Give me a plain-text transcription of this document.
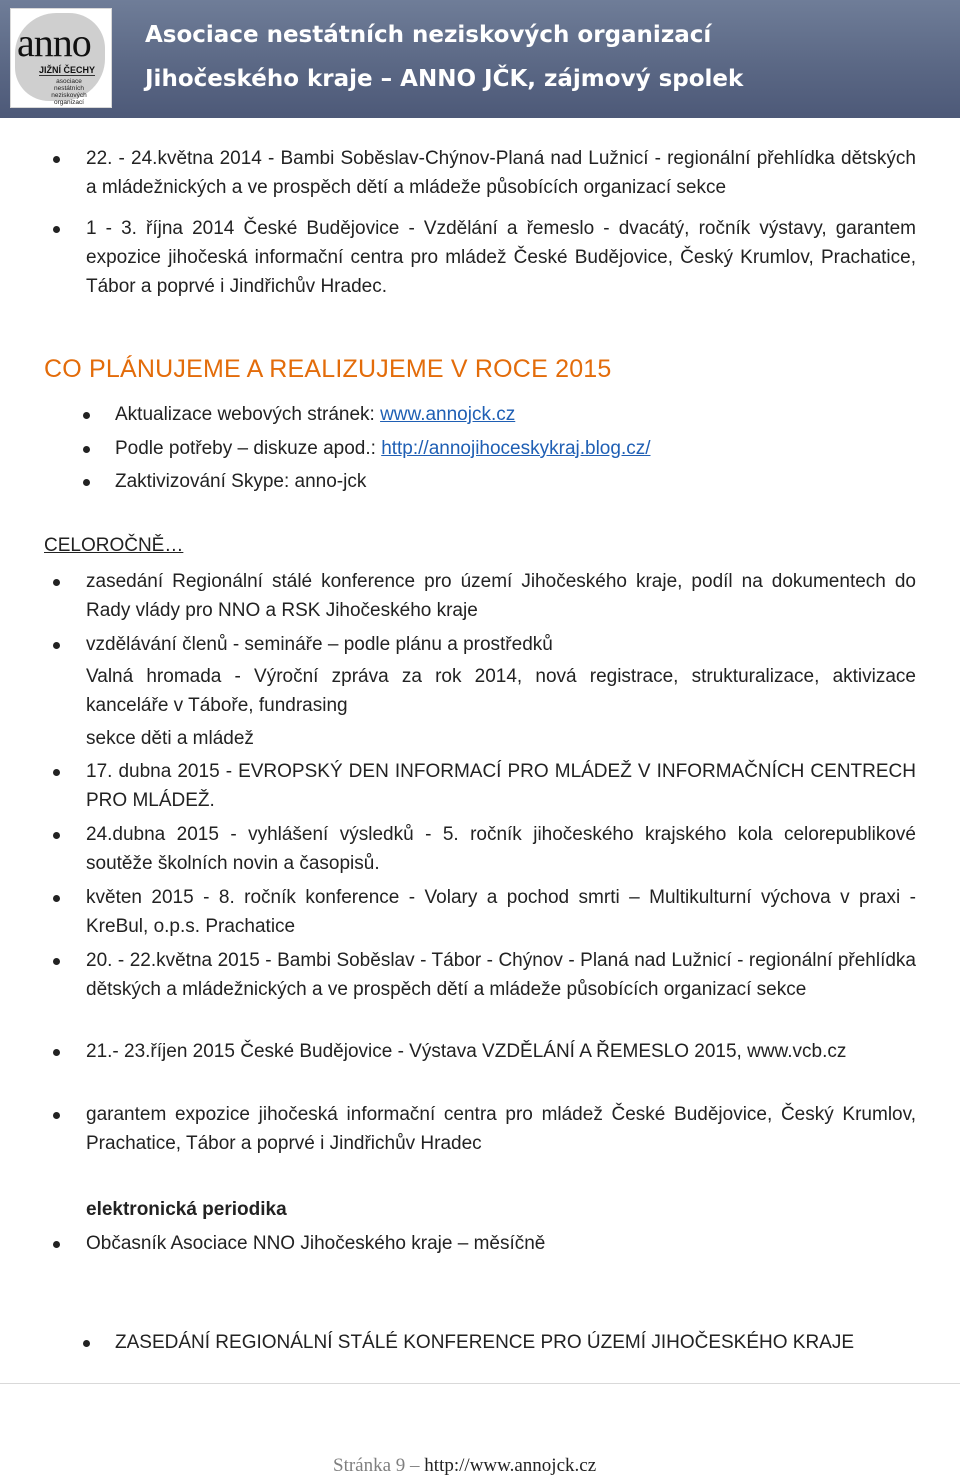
anno
JIŽNÍ ČECHY
asociace nestátních neziskových organizací
Asociace nestátních neziskových organizací
Jihočeského kraje – ANNO JČK, zájmový spolek
22. - 24.května 2014 - Bambi Soběslav-Chýnov-Planá nad Lužnicí - regionální přehlídka dětských a mládežnických a ve prospěch dětí a mládeže působících organizací sekce
1 - 3. října 2014 České Budějovice - Vzdělání a řemeslo - dvacátý, ročník výstavy, garantem expozice jihočeská informační centra pro mládež České Budějovice, Český Krumlov, Prachatice, Tábor a poprvé i Jindřichův Hradec.
CO PLÁNUJEME A REALIZUJEME V ROCE 2015
Aktualizace webových stránek: www.annojck.cz
Podle potřeby – diskuze apod.: http://annojihoceskykraj.blog.cz/
Zaktivizování Skype: anno-jck
CELOROČNĚ…
zasedání Regionální stálé konference pro území Jihočeského kraje, podíl na dokumentech do Rady vlády pro NNO a RSK Jihočeského kraje
vzdělávání členů - semináře – podle plánu a prostředků
Valná hromada - Výroční zpráva za rok 2014, nová registrace, strukturalizace, aktivizace kanceláře v Táboře, fundrasing
sekce děti a mládež
17. dubna 2015 - EVROPSKÝ DEN INFORMACÍ PRO MLÁDEŽ V INFORMAČNÍCH CENTRECH PRO MLÁDEŽ.
24.dubna 2015 - vyhlášení výsledků - 5. ročník jihočeského krajského kola celorepublikové soutěže školních novin a časopisů.
květen 2015 - 8. ročník konference - Volary a pochod smrti – Multikulturní výchova v praxi - KreBul, o.p.s. Prachatice
20. - 22.května 2015 - Bambi Soběslav - Tábor - Chýnov - Planá nad Lužnicí - regionální přehlídka dětských a mládežnických a ve prospěch dětí a mládeže působících organizací sekce
21.- 23.říjen 2015 České Budějovice - Výstava VZDĚLÁNÍ A ŘEMESLO 2015, www.vcb.cz
garantem expozice jihočeská informační centra pro mládež České Budějovice, Český Krumlov, Prachatice, Tábor a poprvé i Jindřichův Hradec
elektronická periodika
Občasník Asociace NNO Jihočeského kraje – měsíčně
ZASEDÁNÍ REGIONÁLNÍ STÁLÉ KONFERENCE PRO ÚZEMÍ JIHOČESKÉHO KRAJE
Stránka 9 – http://www.annojck.cz
